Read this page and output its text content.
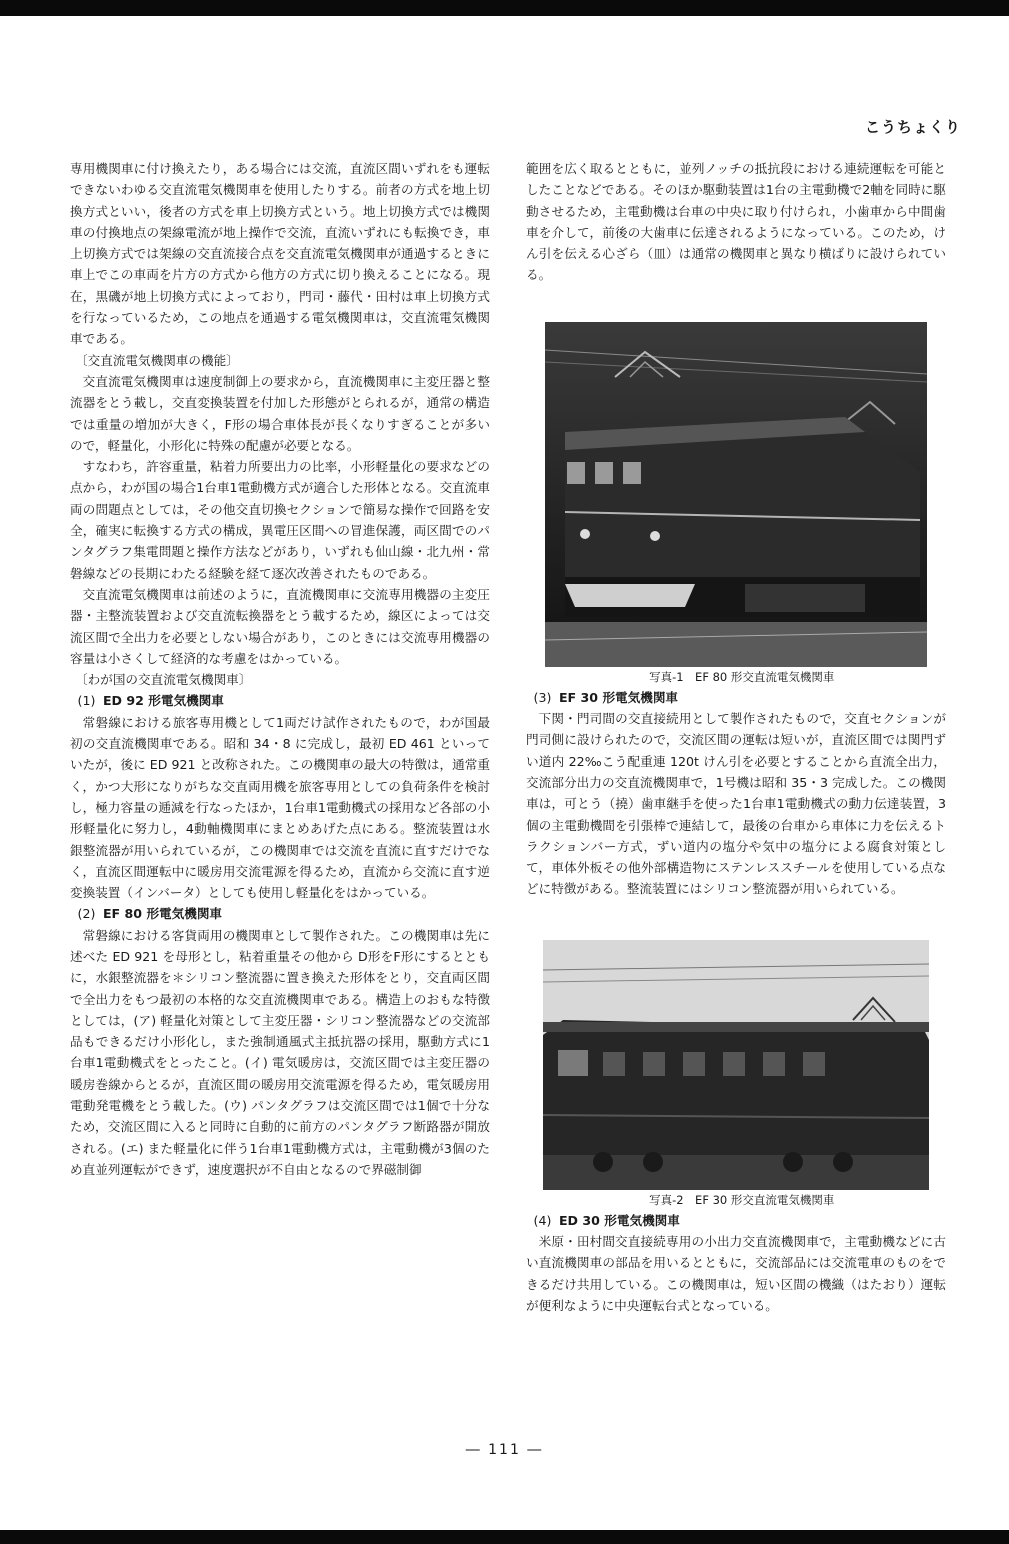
こうちょくり

専用機関車に付け換えたり，ある場合には交流，直流区間いずれをも運転できないわゆる交直流電気機関車を使用したりする。前者の方式を地上切換方式といい，後者の方式を車上切換方式という。地上切換方式では機関車の付換地点の架線電流が地上操作で交流，直流いずれにも転換でき，車上切換方式では架線の交直流接合点を交直流電気機関車が通過するときに車上でこの車両を片方の方式から他方の方式に切り換えることになる。現在，黒磯が地上切換方式によっており，門司・藤代・田村は車上切換方式を行なっているため，この地点を通過する電気機関車は，交直流電気機関車である。

〔交直流電気機関車の機能〕

交直流電気機関車は速度制御上の要求から，直流機関車に主変圧器と整流器をとう載し，交直変換装置を付加した形態がとられるが，通常の構造では重量の増加が大きく，F形の場合車体長が長くなりすぎることが多いので，軽量化，小形化に特殊の配慮が必要となる。

すなわち，許容重量，粘着力所要出力の比率，小形軽量化の要求などの点から，わが国の場合1台車1電動機方式が適合した形体となる。交直流車両の問題点としては，その他交直切換セクションで簡易な操作で回路を安全，確実に転換する方式の構成，異電圧区間への冒進保護，両区間でのパンタグラフ集電問題と操作方法などがあり，いずれも仙山線・北九州・常磐線などの長期にわたる経験を経て逐次改善されたものである。

交直流電気機関車は前述のように，直流機関車に交流専用機器の主変圧器・主整流装置および交直流転換器をとう載するため，線区によっては交流区間で全出力を必要としない場合があり，このときには交流専用機器の容量は小さくして経済的な考慮をはかっている。

〔わが国の交直流電気機関車〕

(1) ED 92 形電気機関車

常磐線における旅客専用機として1両だけ試作されたもので，わが国最初の交直流機関車である。昭和 34・8 に完成し，最初 ED 461 といっていたが，後に ED 921 と改称された。この機関車の最大の特徴は，通常重く，かつ大形になりがちな交直両用機を旅客専用としての負荷条件を検討し，極力容量の逓減を行なったほか，1台車1電動機式の採用など各部の小形軽量化に努力し，4動軸機関車にまとめあげた点にある。整流装置は水銀整流器が用いられているが，この機関車では交流を直流に直すだけでなく，直流区間運転中に暖房用交流電源を得るため，直流から交流に直す逆変換装置（インバータ）としても使用し軽量化をはかっている。

(2) EF 80 形電気機関車

常磐線における客貨両用の機関車として製作された。この機関車は先に述べた ED 921 を母形とし，粘着重量その他から D形をF形にするとともに，水銀整流器を＊シリコン整流器に置き換えた形体をとり，交直両区間で全出力をもつ最初の本格的な交直流機関車である。構造上のおもな特徴としては，(ア) 軽量化対策として主変圧器・シリコン整流器などの交流部品もできるだけ小形化し，また強制通風式主抵抗器の採用，駆動方式に1台車1電動機式をとったこと。(イ) 電気暖房は，交流区間では主変圧器の暖房巻線からとるが，直流区間の暖房用交流電源を得るため，電気暖房用電動発電機をとう載した。(ウ) パンタグラフは交流区間では1個で十分なため，交流区間に入ると同時に自動的に前方のパンタグラフ断路器が開放される。(エ) また軽量化に伴う1台車1電動機方式は，主電動機が3個のため直並列運転ができず，速度選択が不自由となるので界磁制御

範囲を広く取るとともに，並列ノッチの抵抗段における連続運転を可能としたことなどである。そのほか駆動装置は1台の主電動機で2軸を同時に駆動させるため，主電動機は台車の中央に取り付けられ，小歯車から中間歯車を介して，前後の大歯車に伝達されるようになっている。このため，けん引を伝える心ざら（皿）は通常の機関車と異なり横ばりに設けられている。

写真-1　EF 80 形交直流電気機関車

(3) EF 30 形電気機関車

下関・門司間の交直接続用として製作されたもので，交直セクションが門司側に設けられたので，交流区間の運転は短いが，直流区間では関門ずい道内 22‰こう配重連 120t けん引を必要とすることから直流全出力，交流部分出力の交直流機関車で，1号機は昭和 35・3 完成した。この機関車は，可とう（撓）歯車継手を使った1台車1電動機式の動力伝達装置，3個の主電動機間を引張棒で連結して，最後の台車から車体に力を伝えるトラクションバー方式，ずい道内の塩分や気中の塩分による腐食対策として，車体外板その他外部構造物にステンレススチールを使用している点などに特徴がある。整流装置にはシリコン整流器が用いられている。

写真-2　EF 30 形交直流電気機関車

(4) ED 30 形電気機関車

米原・田村間交直接続専用の小出力交直流機関車で，主電動機などに古い直流機関車の部品を用いるとともに，交流部品には交流電車のものをできるだけ共用している。この機関車は，短い区間の機織（はたおり）運転が便利なように中央運転台式となっている。

― 111 ―
